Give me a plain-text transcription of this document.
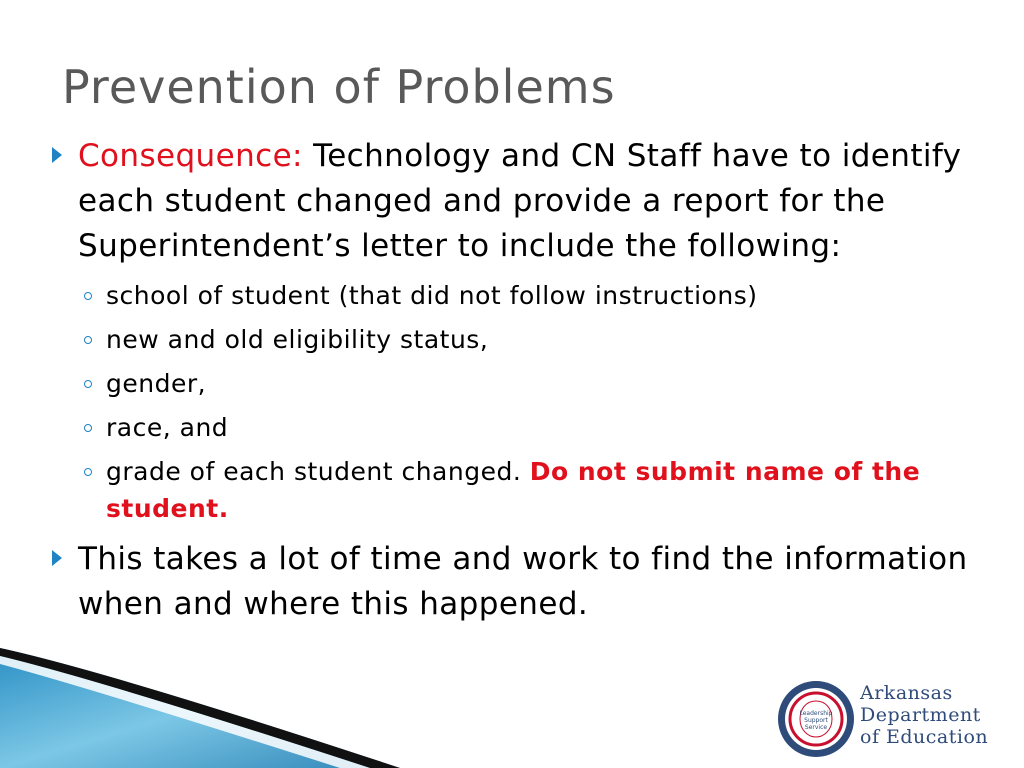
Prevention of Problems
Consequence: Technology and CN Staff have to identify each student changed and provide a report for the Superintendent’s letter to include the following:
school of student (that did not follow instructions)
new and old eligibility status,
gender,
race, and
grade of each student changed. Do not submit name of the student.
This takes a lot of time and work to find the information when and where this happened.
Leadership
Support
Service
Arkansas
Department
of Education
